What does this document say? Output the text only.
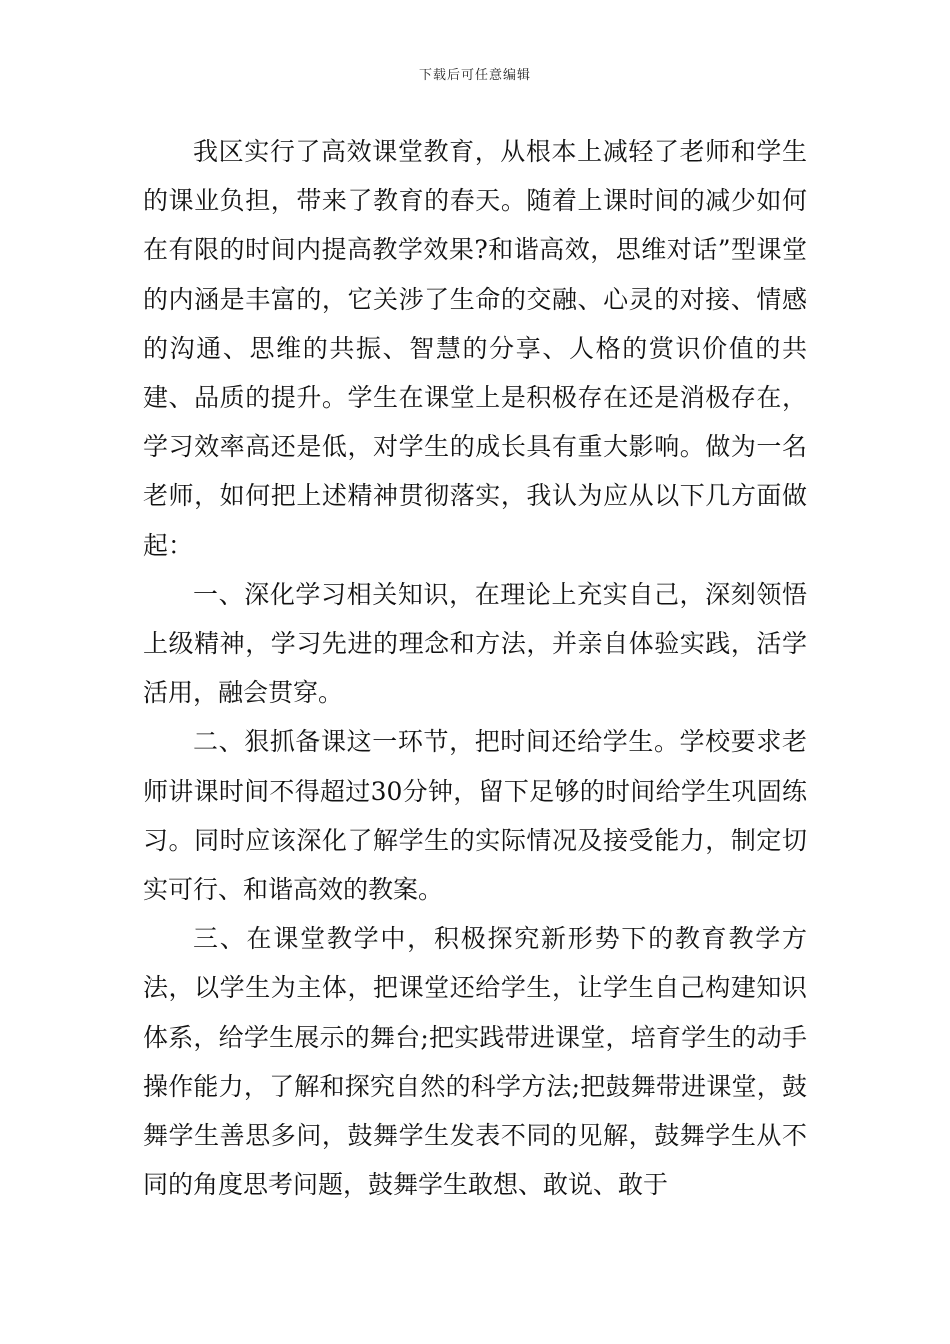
下载后可任意编辑

我区实行了高效课堂教育，从根本上减轻了老师和学生的课业负担，带来了教育的春天。随着上课时间的减少如何在有限的时间内提高教学效果?和谐高效，思维对话”型课堂的内涵是丰富的，它关涉了生命的交融、心灵的对接、情感的沟通、思维的共振、智慧的分享、人格的赏识价值的共建、品质的提升。学生在课堂上是积极存在还是消极存在，学习效率高还是低，对学生的成长具有重大影响。做为一名老师，如何把上述精神贯彻落实，我认为应从以下几方面做起：

一、深化学习相关知识，在理论上充实自己，深刻领悟上级精神，学习先进的理念和方法，并亲自体验实践，活学活用，融会贯穿。

二、狠抓备课这一环节，把时间还给学生。学校要求老师讲课时间不得超过30分钟，留下足够的时间给学生巩固练习。同时应该深化了解学生的实际情况及接受能力，制定切实可行、和谐高效的教案。

三、在课堂教学中，积极探究新形势下的教育教学方法，以学生为主体，把课堂还给学生，让学生自己构建知识体系，给学生展示的舞台;把实践带进课堂，培育学生的动手操作能力，了解和探究自然的科学方法;把鼓舞带进课堂，鼓舞学生善思多问，鼓舞学生发表不同的见解，鼓舞学生从不同的角度思考问题，鼓舞学生敢想、敢说、敢于
